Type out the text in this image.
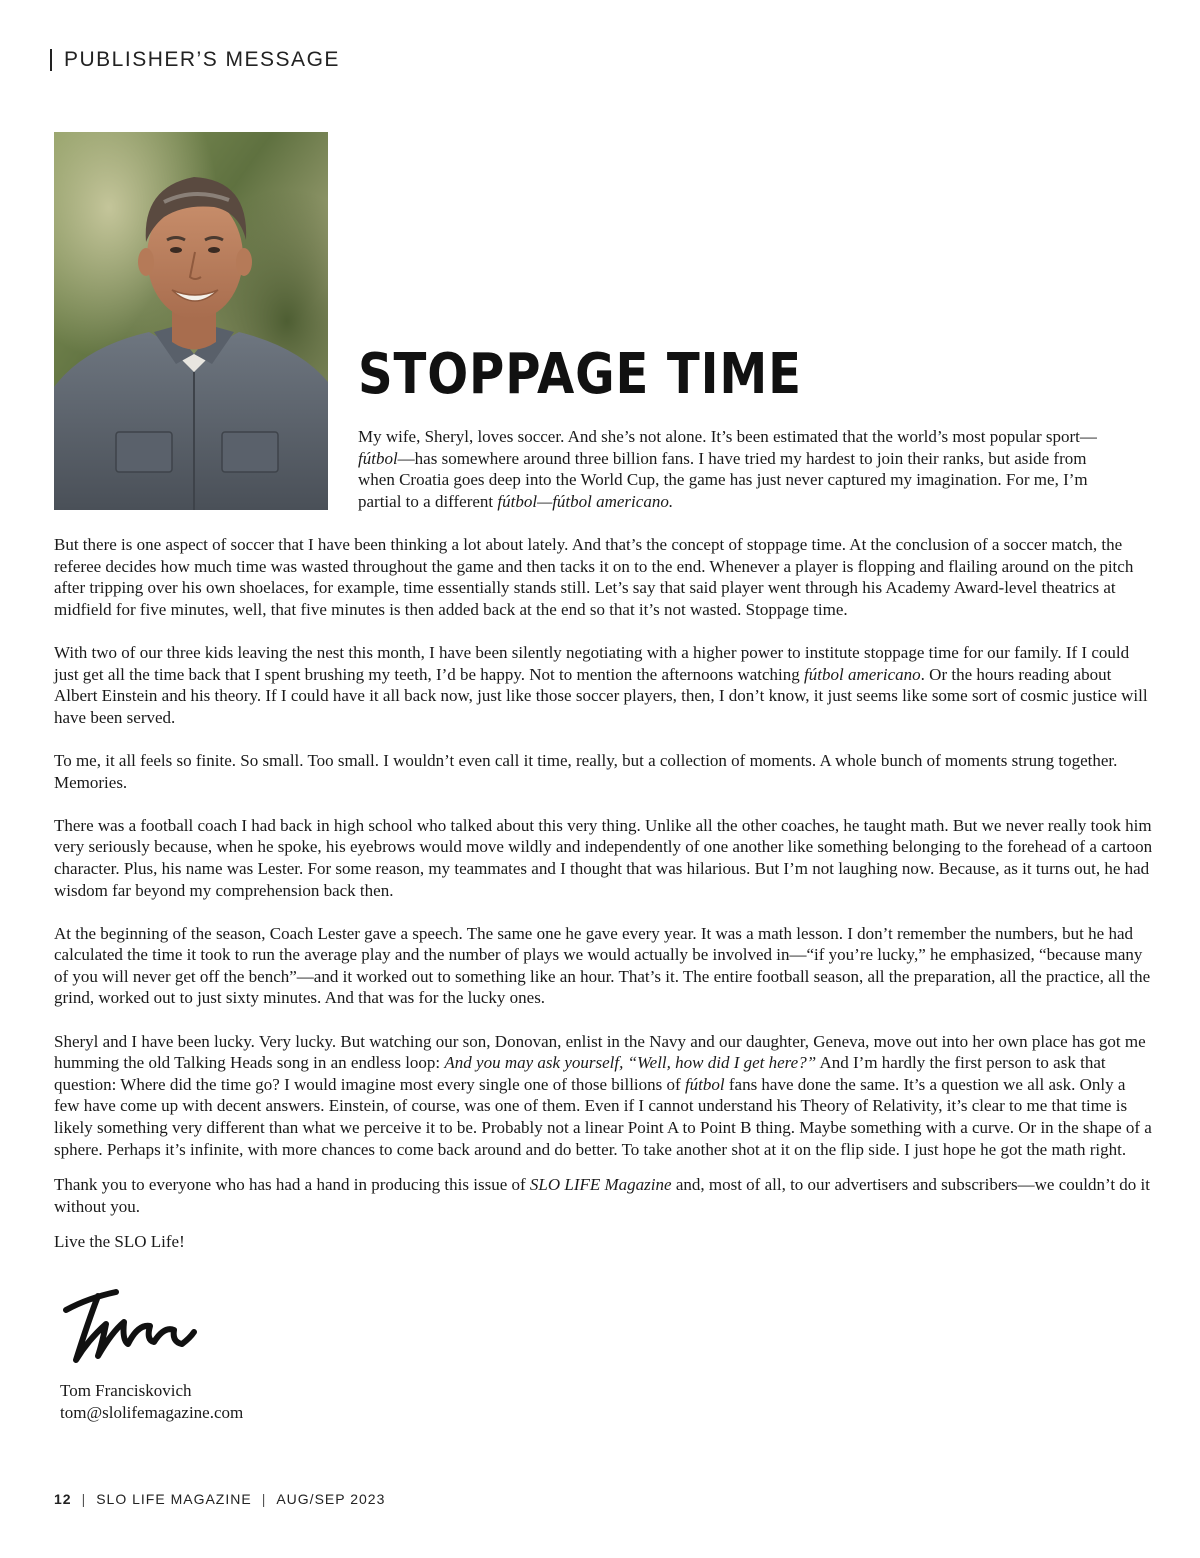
PUBLISHER’S MESSAGE
STOPPAGE TIME

My wife, Sheryl, loves soccer. And she’s not alone. It’s been estimated that the world’s most popular sport—fútbol—has somewhere around three billion fans. I have tried my hardest to join their ranks, but aside from when Croatia goes deep into the World Cup, the game has just never captured my imagination. For me, I’m partial to a different fútbol—fútbol americano.

But there is one aspect of soccer that I have been thinking a lot about lately. And that’s the concept of stoppage time. At the conclusion of a soccer match, the referee decides how much time was wasted throughout the game and then tacks it on to the end. Whenever a player is flopping and flailing around on the pitch after tripping over his own shoelaces, for example, time essentially stands still. Let’s say that said player went through his Academy Award-level theatrics at midfield for five minutes, well, that five minutes is then added back at the end so that it’s not wasted. Stoppage time.

With two of our three kids leaving the nest this month, I have been silently negotiating with a higher power to institute stoppage time for our family. If I could just get all the time back that I spent brushing my teeth, I’d be happy. Not to mention the afternoons watching fútbol americano. Or the hours reading about Albert Einstein and his theory. If I could have it all back now, just like those soccer players, then, I don’t know, it just seems like some sort of cosmic justice will have been served.

To me, it all feels so finite. So small. Too small. I wouldn’t even call it time, really, but a collection of moments. A whole bunch of moments strung together. Memories.

There was a football coach I had back in high school who talked about this very thing. Unlike all the other coaches, he taught math. But we never really took him very seriously because, when he spoke, his eyebrows would move wildly and independently of one another like something belonging to the forehead of a cartoon character. Plus, his name was Lester. For some reason, my teammates and I thought that was hilarious. But I’m not laughing now. Because, as it turns out, he had wisdom far beyond my comprehension back then.

At the beginning of the season, Coach Lester gave a speech. The same one he gave every year. It was a math lesson. I don’t remember the numbers, but he had calculated the time it took to run the average play and the number of plays we would actually be involved in—“if you’re lucky,” he emphasized, “because many of you will never get off the bench”—and it worked out to something like an hour. That’s it. The entire football season, all the preparation, all the practice, all the grind, worked out to just sixty minutes. And that was for the lucky ones.

Sheryl and I have been lucky. Very lucky. But watching our son, Donovan, enlist in the Navy and our daughter, Geneva, move out into her own place has got me humming the old Talking Heads song in an endless loop: And you may ask yourself, “Well, how did I get here?” And I’m hardly the first person to ask that question: Where did the time go? I would imagine most every single one of those billions of fútbol fans have done the same. It’s a question we all ask. Only a few have come up with decent answers. Einstein, of course, was one of them. Even if I cannot understand his Theory of Relativity, it’s clear to me that time is likely something very different than what we perceive it to be. Probably not a linear Point A to Point B thing. Maybe something with a curve. Or in the shape of a sphere. Perhaps it’s infinite, with more chances to come back around and do better. To take another shot at it on the flip side. I just hope he got the math right.

Thank you to everyone who has had a hand in producing this issue of SLO LIFE Magazine and, most of all, to our advertisers and subscribers—we couldn’t do it without you.

Live the SLO Life!

Tom Franciskovich
tom@slolifemagazine.com
12 | SLO LIFE MAGAZINE | AUG/SEP 2023
